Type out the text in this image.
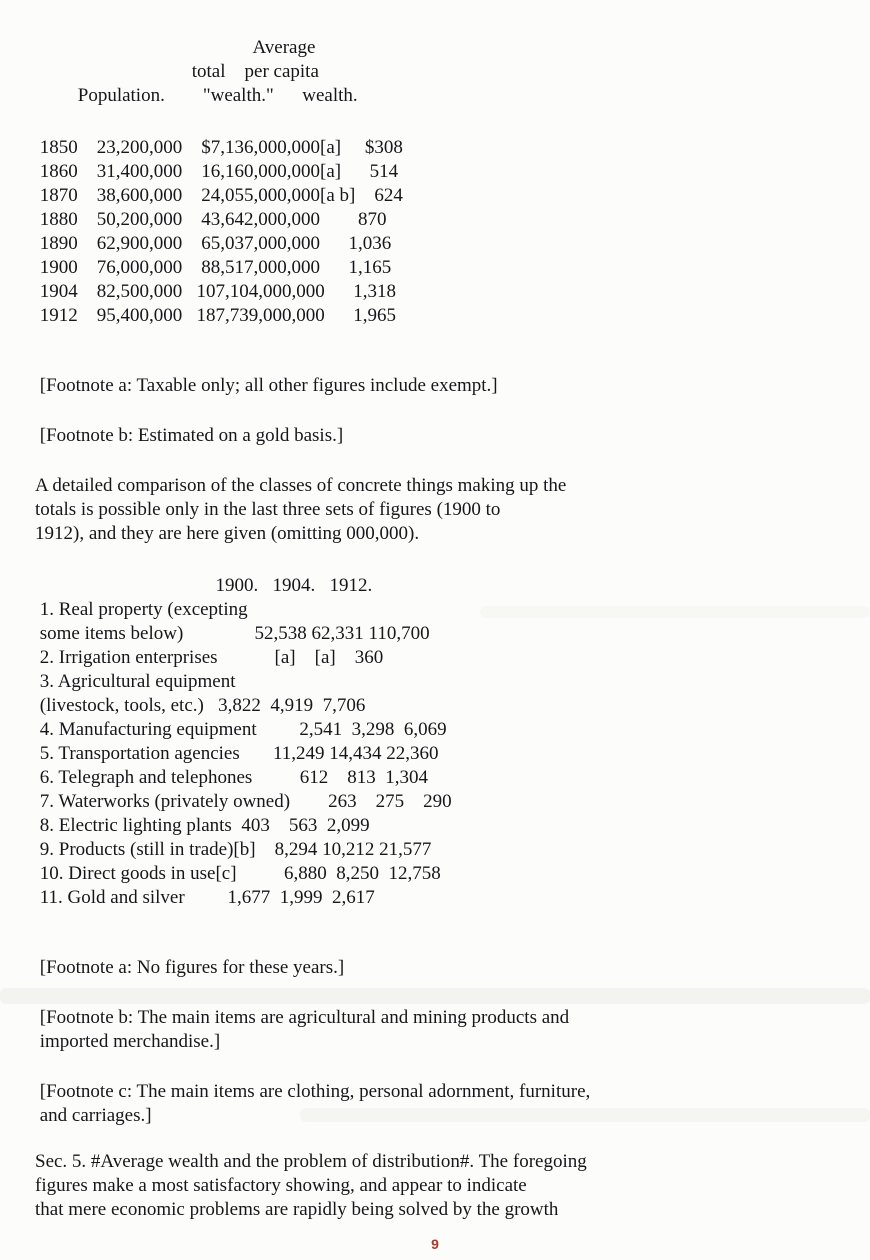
Average
total    per capita
Population.        "wealth."      wealth.
1850    23,200,000    $7,136,000,000[a]     $308
1860    31,400,000    16,160,000,000[a]      514
1870    38,600,000    24,055,000,000[a b]    624
1880    50,200,000    43,642,000,000        870
1890    62,900,000    65,037,000,000      1,036
1900    76,000,000    88,517,000,000      1,165
1904    82,500,000   107,104,000,000      1,318
1912    95,400,000   187,739,000,000      1,965
[Footnote a: Taxable only; all other figures include exempt.]
[Footnote b: Estimated on a gold basis.]
A detailed comparison of the classes of concrete things making up the
totals is possible only in the last three sets of figures (1900 to
1912), and they are here given (omitting 000,000).
1900.   1904.   1912.
1. Real property (excepting
some items below)               52,538 62,331 110,700
2. Irrigation enterprises            [a]    [a]    360
3. Agricultural equipment
(livestock, tools, etc.)   3,822  4,919  7,706
4. Manufacturing equipment         2,541  3,298  6,069
5. Transportation agencies       11,249 14,434 22,360
6. Telegraph and telephones          612    813  1,304
7. Waterworks (privately owned)        263    275    290
8. Electric lighting plants  403    563  2,099
9. Products (still in trade)[b]    8,294 10,212 21,577
10. Direct goods in use[c]          6,880  8,250  12,758
11. Gold and silver         1,677  1,999  2,617
[Footnote a: No figures for these years.]
[Footnote b: The main items are agricultural and mining products and
imported merchandise.]
[Footnote c: The main items are clothing, personal adornment, furniture,
and carriages.]
Sec. 5. #Average wealth and the problem of distribution#. The foregoing
figures make a most satisfactory showing, and appear to indicate
that mere economic problems are rapidly being solved by the growth
9
